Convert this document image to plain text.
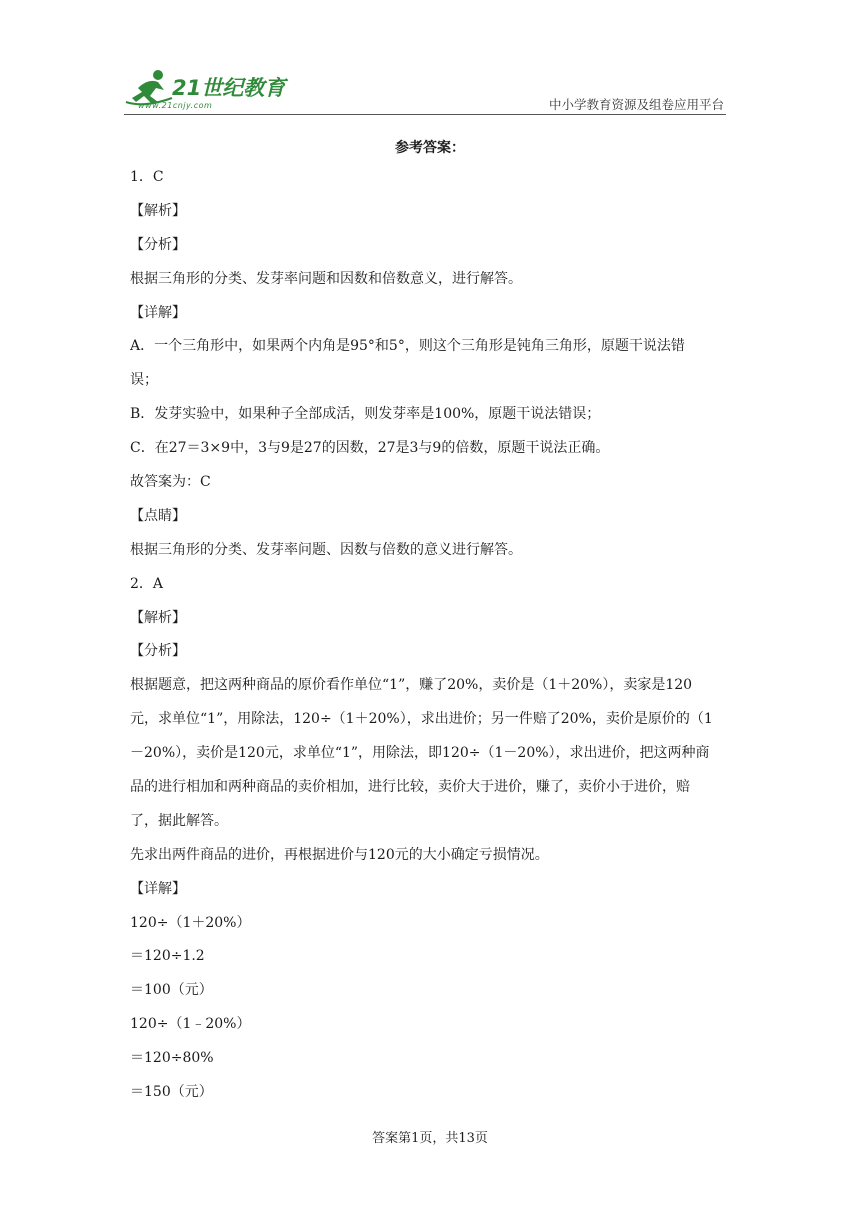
21世纪教育
www.21cnjy.com	中小学教育资源及组卷应用平台
参考答案：
1．C
【解析】
【分析】
根据三角形的分类、发芽率问题和因数和倍数意义，进行解答。
【详解】
A．一个三角形中，如果两个内角是95°和5°，则这个三角形是钝角三角形，原题干说法错
误；
B．发芽实验中，如果种子全部成活，则发芽率是100%，原题干说法错误；
C．在27＝3×9中，3与9是27的因数，27是3与9的倍数，原题干说法正确。
故答案为：C
【点睛】
根据三角形的分类、发芽率问题、因数与倍数的意义进行解答。
2．A
【解析】
【分析】
根据题意，把这两种商品的原价看作单位“1”，赚了20%，卖价是（1＋20%），卖家是120
元，求单位“1”，用除法，120÷（1＋20%），求出进价；另一件赔了20%，卖价是原价的（1
－20%），卖价是120元，求单位“1”，用除法，即120÷（1－20%），求出进价，把这两种商
品的进行相加和两种商品的卖价相加，进行比较，卖价大于进价，赚了，卖价小于进价，赔
了，据此解答。
先求出两件商品的进价，再根据进价与120元的大小确定亏损情况。
【详解】
120÷（1＋20%）
＝120÷1.2
＝100（元）
120÷（1﹣20%）
＝120÷80%
＝150（元）
答案第1页，共13页
